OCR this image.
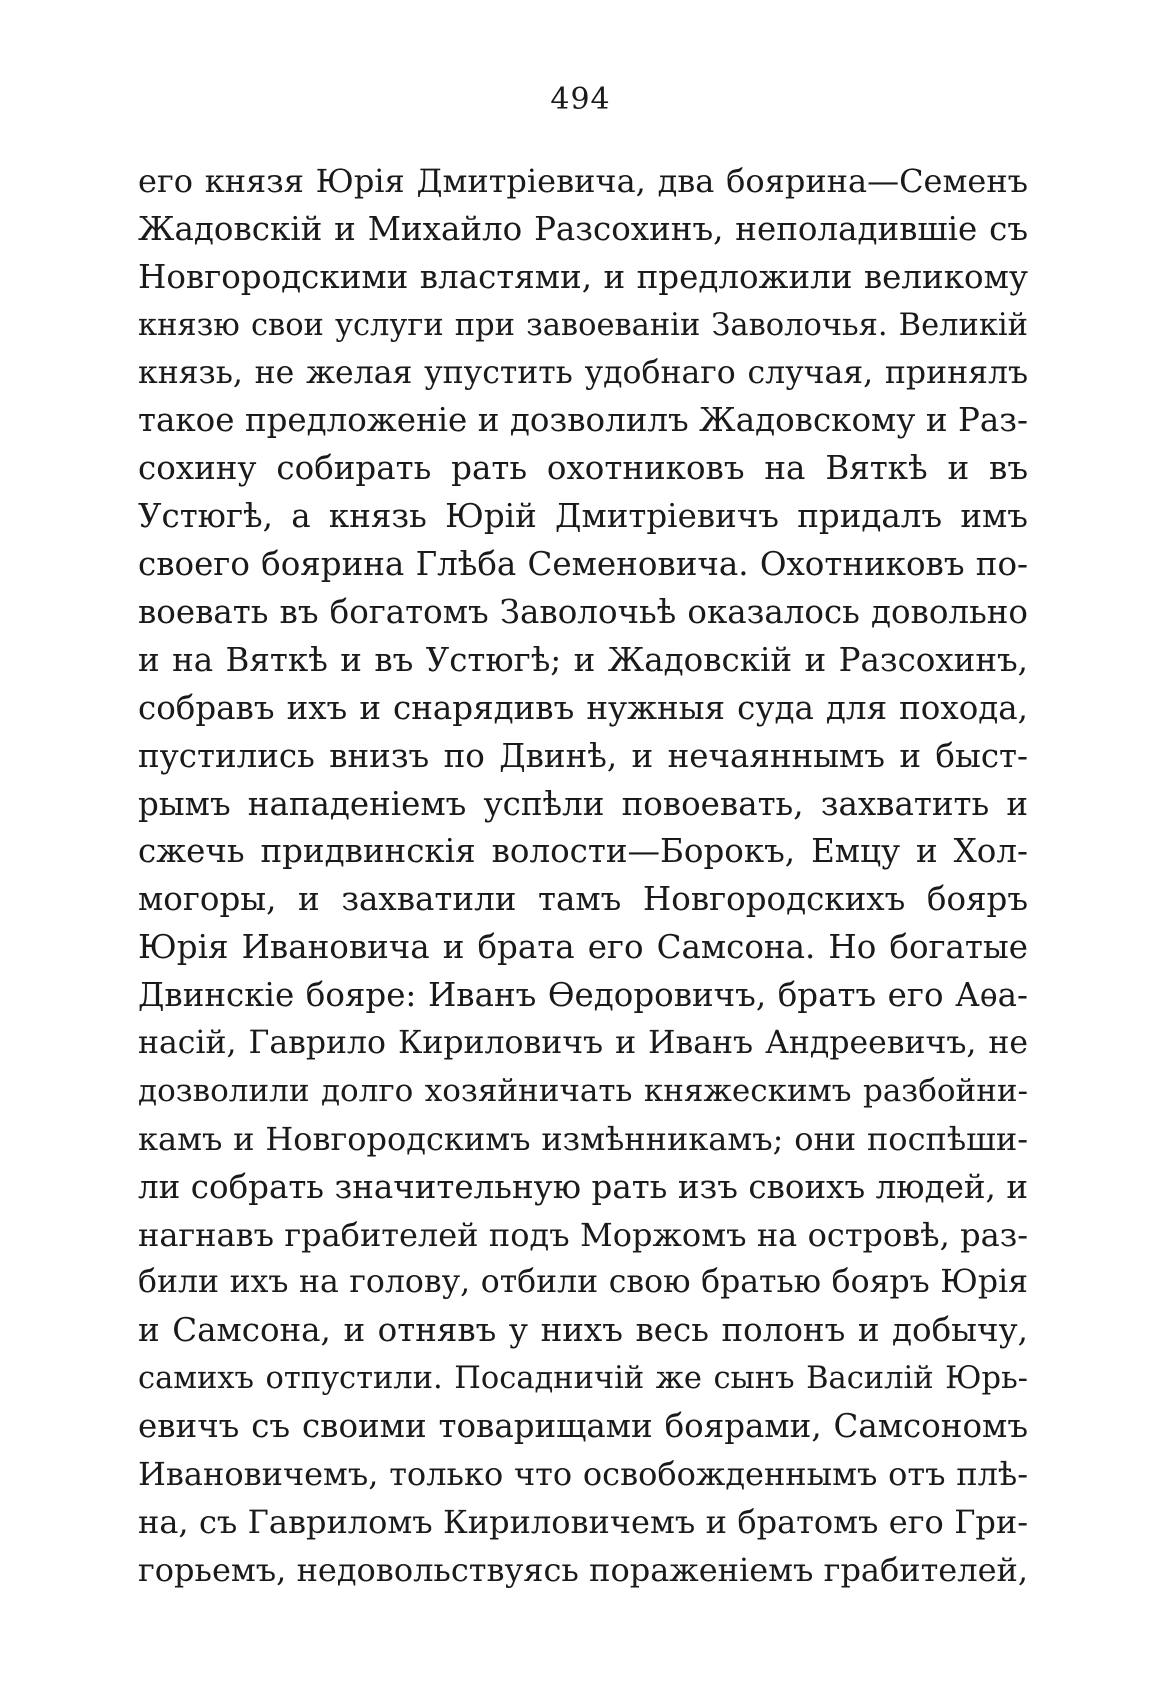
494
его князя Юрія Дмитріевича, два боярина—Семенъ
Жадовскій и Михайло Разсохинъ, неполадившіе съ
Новгородскими властями, и предложили великому
князю свои услуги при завоеваніи Заволочья. Великій
князь, не желая упустить удобнаго случая, принялъ
такое предложеніе и дозволилъ Жадовскому и Раз-
сохину собирать рать охотниковъ на Вяткѣ и въ
Устюгѣ, а князь Юрій Дмитріевичъ придалъ имъ
своего боярина Глѣба Семеновича. Охотниковъ по-
воевать въ богатомъ Заволочьѣ оказалось довольно
и на Вяткѣ и въ Устюгѣ; и Жадовскій и Разсохинъ,
собравъ ихъ и снарядивъ нужныя суда для похода,
пустились внизъ по Двинѣ, и нечаяннымъ и быст-
рымъ нападеніемъ успѣли повоевать, захватить и
сжечь придвинскія волости—Бороκъ, Емцу и Хол-
могоры, и захватили тамъ Новгородскихъ бояръ
Юрія Ивановича и брата его Самсона. Но богатые
Двинскіе бояре: Иванъ Ѳедоровичъ, братъ его Аѳа-
насій, Гаврило Кириловичъ и Иванъ Андреевичъ, не
дозволили долго хозяйничать княжескимъ разбойни-
камъ и Новгородскимъ измѣнникамъ; они поспѣши-
ли собрать значительную рать изъ своихъ людей, и
нагнавъ грабителей подъ Моржомъ на островѣ, раз-
били ихъ на голову, отбили свою братью бояръ Юрія
и Самсона, и отнявъ у нихъ весь полонъ и добычу,
самихъ отпустили. Посадничій же сынъ Василій Юрь-
евичъ съ своими товарищами боярами, Самсономъ
Ивановичемъ, только что освобожденнымъ отъ плѣ-
на, съ Гавриломъ Кириловичемъ и братомъ его Гри-
горьемъ, недовольствуясь пораженіемъ грабителей,
